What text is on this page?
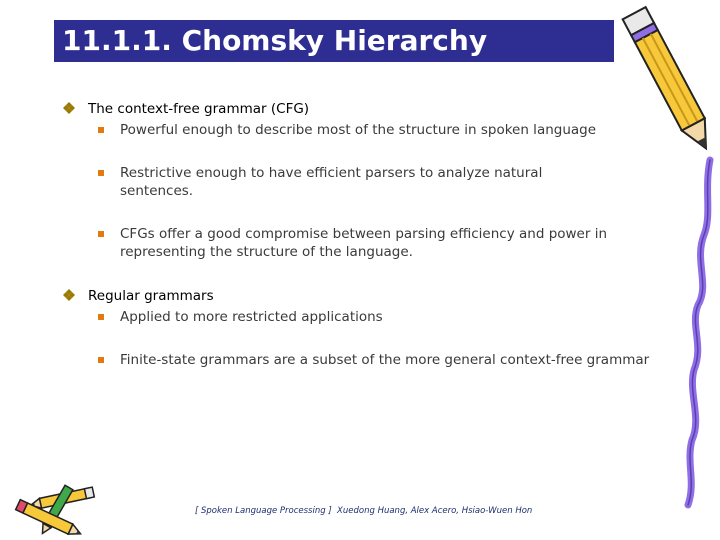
11.1.1. Chomsky Hierarchy
The context-free grammar (CFG)
Powerful enough to describe most of the structure in spoken language
Restrictive enough to have efficient parsers to analyze natural sentences.
CFGs offer a good compromise between parsing efficiency and power in representing the structure of the language.
Regular grammars
Applied to more restricted applications
Finite-state grammars are a subset of the more general context-free grammar
[ Spoken Language Processing ]  Xuedong Huang, Alex Acero, Hsiao-Wuen Hon
